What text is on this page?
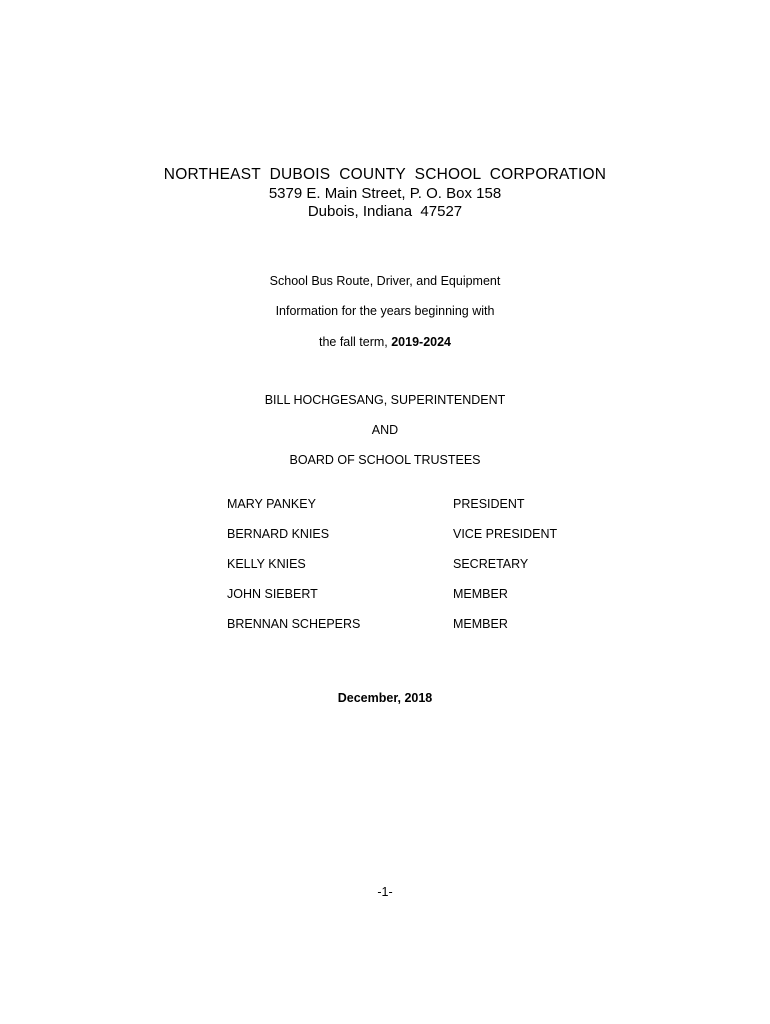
NORTHEAST  DUBOIS  COUNTY  SCHOOL  CORPORATION
5379 E. Main Street, P. O. Box 158
Dubois, Indiana  47527
School Bus Route, Driver, and Equipment
Information for the years beginning with
the fall term, 2019-2024
BILL HOCHGESANG, SUPERINTENDENT
AND
BOARD OF SCHOOL TRUSTEES
MARY PANKEY	PRESIDENT
BERNARD KNIES	VICE PRESIDENT
KELLY KNIES	SECRETARY
JOHN SIEBERT	MEMBER
BRENNAN SCHEPERS	MEMBER
December, 2018
-1-
